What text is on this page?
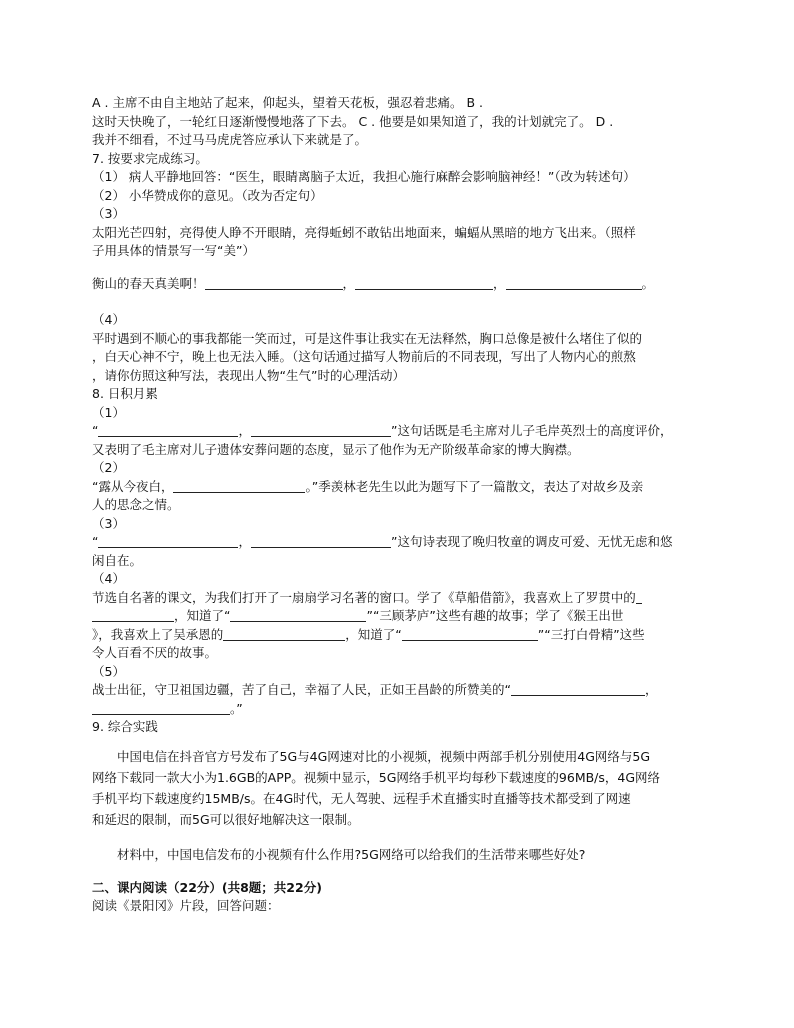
A . 主席不由自主地站了起来，仰起头，望着天花板，强忍着悲痛。 B .

这时天快晚了，一轮红日逐渐慢慢地落了下去。 C . 他要是如果知道了，我的计划就完了。 D .

我并不细看，不过马马虎虎答应承认下来就是了。

7. 按要求完成练习。

（1） 病人平静地回答：“医生，眼睛离脑子太近，我担心施行麻醉会影响脑神经！”（改为转述句）

（2） 小华赞成你的意见。（改为否定句）

（3）

太阳光芒四射，亮得使人睁不开眼睛，亮得蚯蚓不敢钻出地面来，蝙蝠从黑暗的地方飞出来。（照样

子用具体的情景写一写“美”）

衡山的春天真美啊！	，	，	。

（4）

平时遇到不顺心的事我都能一笑而过，可是这件事让我实在无法释然，胸口总像是被什么堵住了似的

，白天心神不宁，晚上也无法入睡。（这句话通过描写人物前后的不同表现，写出了人物内心的煎熬

，请你仿照这种写法，表现出人物“生气”时的心理活动）

8. 日积月累

（1）

“	，	”这句话既是毛主席对儿子毛岸英烈士的高度评价，

又表明了毛主席对儿子遗体安葬问题的态度，显示了他作为无产阶级革命家的博大胸襟。

（2）

“露从今夜白，	。”季羡林老先生以此为题写下了一篇散文，表达了对故乡及亲

人的思念之情。

（3）

“	，	”这句诗表现了晚归牧童的调皮可爱、无忧无虑和悠

闲自在。

（4）

节选自名著的课文，为我们打开了一扇扇学习名著的窗口。学了《草船借箭》，我喜欢上了罗贯中的

，知道了“	”“三顾茅庐”这些有趣的故事；学了《猴王出世

》，我喜欢上了吴承恩的	，知道了“	”“三打白骨精”这些

令人百看不厌的故事。

（5）

战士出征，守卫祖国边疆，苦了自己，幸福了人民，正如王昌龄的所赞美的“	，

。”

9. 综合实践

中国电信在抖音官方号发布了5G与4G网速对比的小视频，视频中两部手机分别使用4G网络与5G

网络下载同一款大小为1.6GB的APP。视频中显示，5G网络手机平均每秒下载速度的96MB/s，4G网络

手机平均下载速度约15MB/s。在4G时代，无人驾驶、远程手术直播实时直播等技术都受到了网速

和延迟的限制，而5G可以很好地解决这一限制。

材料中，中国电信发布的小视频有什么作用?5G网络可以给我们的生活带来哪些好处?

二、课内阅读（22分）(共8题；共22分)

阅读《景阳冈》片段，回答问题：
